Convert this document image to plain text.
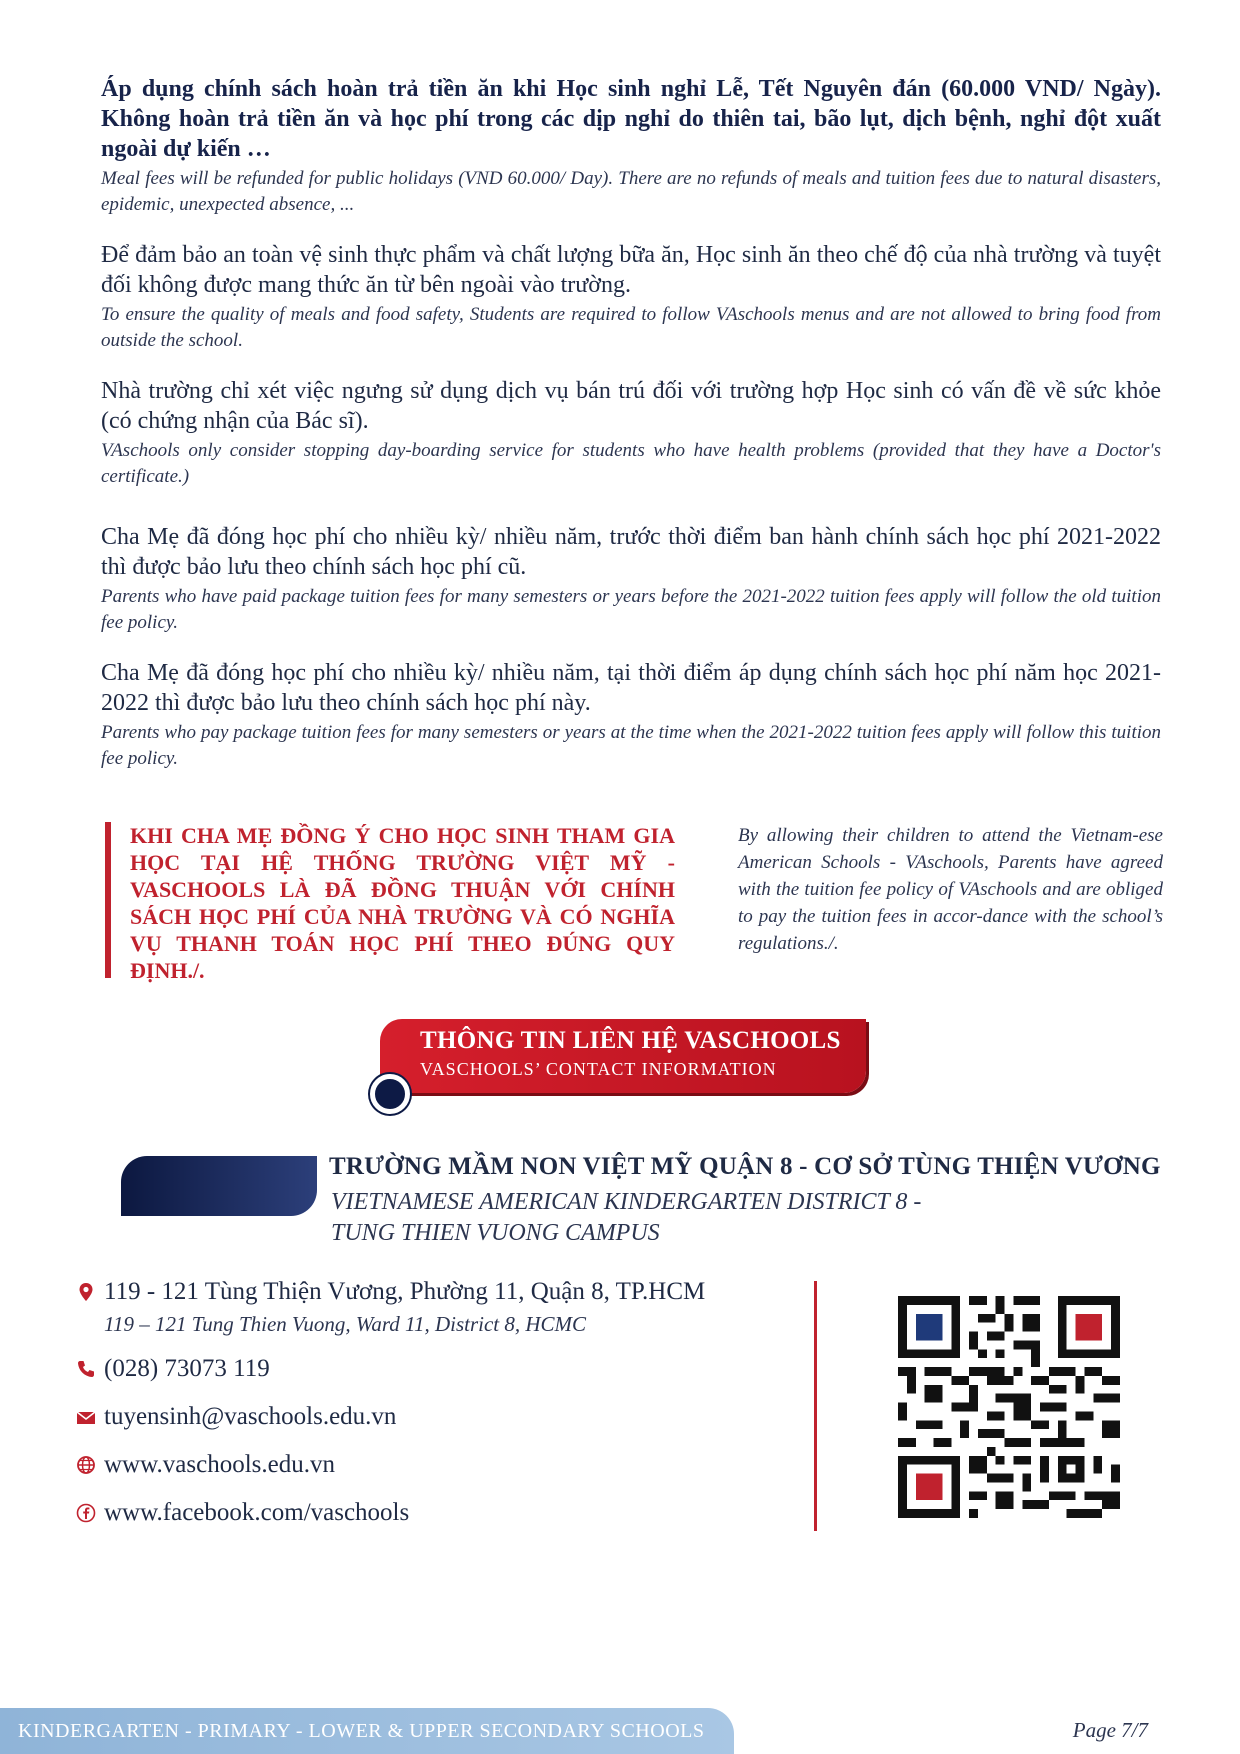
Áp dụng chính sách hoàn trả tiền ăn khi Học sinh nghỉ Lễ, Tết Nguyên đán (60.000 VND/ Ngày). Không hoàn trả tiền ăn và học phí trong các dịp nghỉ do thiên tai, bão lụt, dịch bệnh, nghỉ đột xuất ngoài dự kiến …

Meal fees will be refunded for public holidays (VND 60.000/ Day). There are no refunds of meals and tuition fees due to natural disasters, epidemic, unexpected absence, ...

Để đảm bảo an toàn vệ sinh thực phẩm và chất lượng bữa ăn, Học sinh ăn theo chế độ của nhà trường và tuyệt đối không được mang thức ăn từ bên ngoài vào trường.

To ensure the quality of meals and food safety, Students are required to follow VAschools menus and are not allowed to bring food from outside the school.

Nhà trường chỉ xét việc ngưng sử dụng dịch vụ bán trú đối với trường hợp Học sinh có vấn đề về sức khỏe (có chứng nhận của Bác sĩ).

VAschools only consider stopping day-boarding service for students who have health problems (provided that they have a Doctor's certificate.)

Cha Mẹ đã đóng học phí cho nhiều kỳ/ nhiều năm, trước thời điểm ban hành chính sách học phí 2021-2022 thì được bảo lưu theo chính sách học phí cũ.

Parents who have paid package tuition fees for many semesters or years before the 2021-2022 tuition fees apply will follow the old tuition fee policy.

Cha Mẹ đã đóng học phí cho nhiều kỳ/ nhiều năm, tại thời điểm áp dụng chính sách học phí năm học 2021-2022 thì được bảo lưu theo chính sách học phí này.

Parents who pay package tuition fees for many semesters or years at the time when the 2021-2022 tuition fees apply will follow this tuition fee policy.

KHI CHA MẸ ĐỒNG Ý CHO HỌC SINH THAM GIA HỌC TẠI HỆ THỐNG TRƯỜNG VIỆT MỸ - VASCHOOLS LÀ ĐÃ ĐỒNG THUẬN VỚI CHÍNH SÁCH HỌC PHÍ CỦA NHÀ TRƯỜNG VÀ CÓ NGHĨA VỤ THANH TOÁN HỌC PHÍ THEO ĐÚNG QUY ĐỊNH./.

By allowing their children to attend the Vietnam-ese American Schools - VAschools, Parents have agreed with the tuition fee policy of VAschools and are obliged to pay the tuition fees in accor-dance with the school’s regulations./.

THÔNG TIN LIÊN HỆ VASCHOOLS
VASCHOOLS’ CONTACT INFORMATION
TRƯỜNG MẦM NON VIỆT MỸ QUẬN 8 - CƠ SỞ TÙNG THIỆN VƯƠNG
VIETNAMESE AMERICAN KINDERGARTEN DISTRICT 8 - TUNG THIEN VUONG CAMPUS
119 - 121 Tùng Thiện Vương, Phường 11, Quận 8, TP.HCM
119 – 121 Tung Thien Vuong, Ward 11, District 8, HCMC
(028) 73073 119
tuyensinh@vaschools.edu.vn
www.vaschools.edu.vn
www.facebook.com/vaschools
KINDERGARTEN - PRIMARY - LOWER & UPPER SECONDARY SCHOOLS	Page 7/7
